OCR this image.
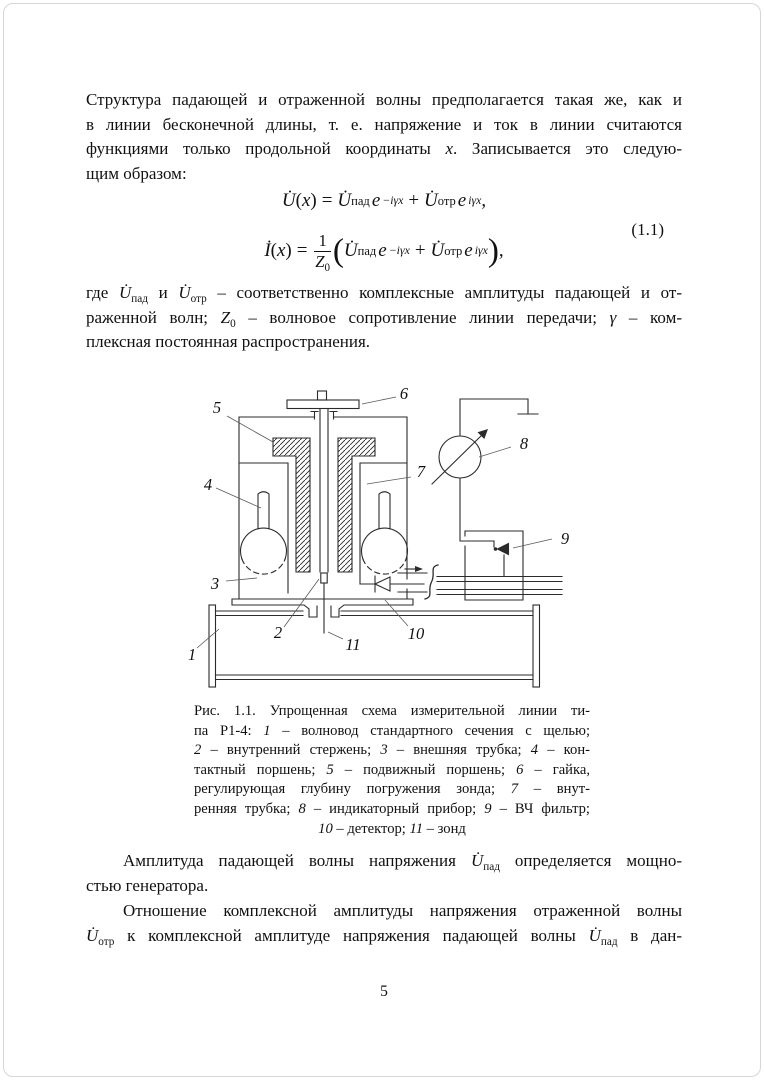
Структура падающей и отраженной волны предполагается такая же, как и
в линии бесконечной длины, т. е. напряжение и ток в линии считаются
функциями только продольной координаты x. Записывается это следую-
щим образом:
U̇ ( x ) = U̇ пад e −iγx + U̇ отр e iγx ,
İ ( x ) = $\frac{1}{Z_0}$ ( U̇ пад e −iγx + U̇ отр e iγx ) ,
(1.1)
где $U̇_{пад}$ и $U̇_{отр}$ – соответственно комплексные амплитуды падающей и от-
раженной волн; $Z_0$ – волновое сопротивление линии передачи; γ – ком-
плексная постоянная распространения.
1
2
3
4
5
6
7
8
9
10
11
Рис. 1.1. Упрощенная схема измерительной линии ти-
па Р1-4: 1 – волновод стандартного сечения с щелью;
2 – внутренний стержень; 3 – внешняя трубка; 4 – кон-
тактный поршень; 5 – подвижный поршень; 6 – гайка,
регулирующая глубину погружения зонда; 7 – внут-
ренняя трубка; 8 – индикаторный прибор; 9 – ВЧ фильтр;
10 – детектор; 11 – зонд
Амплитуда падающей волны напряжения $U̇_{пад}$ определяется мощно-
стью генератора.
Отношение комплексной амплитуды напряжения отраженной волны
$U̇_{отр}$ к комплексной амплитуде напряжения падающей волны $U̇_{пад}$ в дан-
5
